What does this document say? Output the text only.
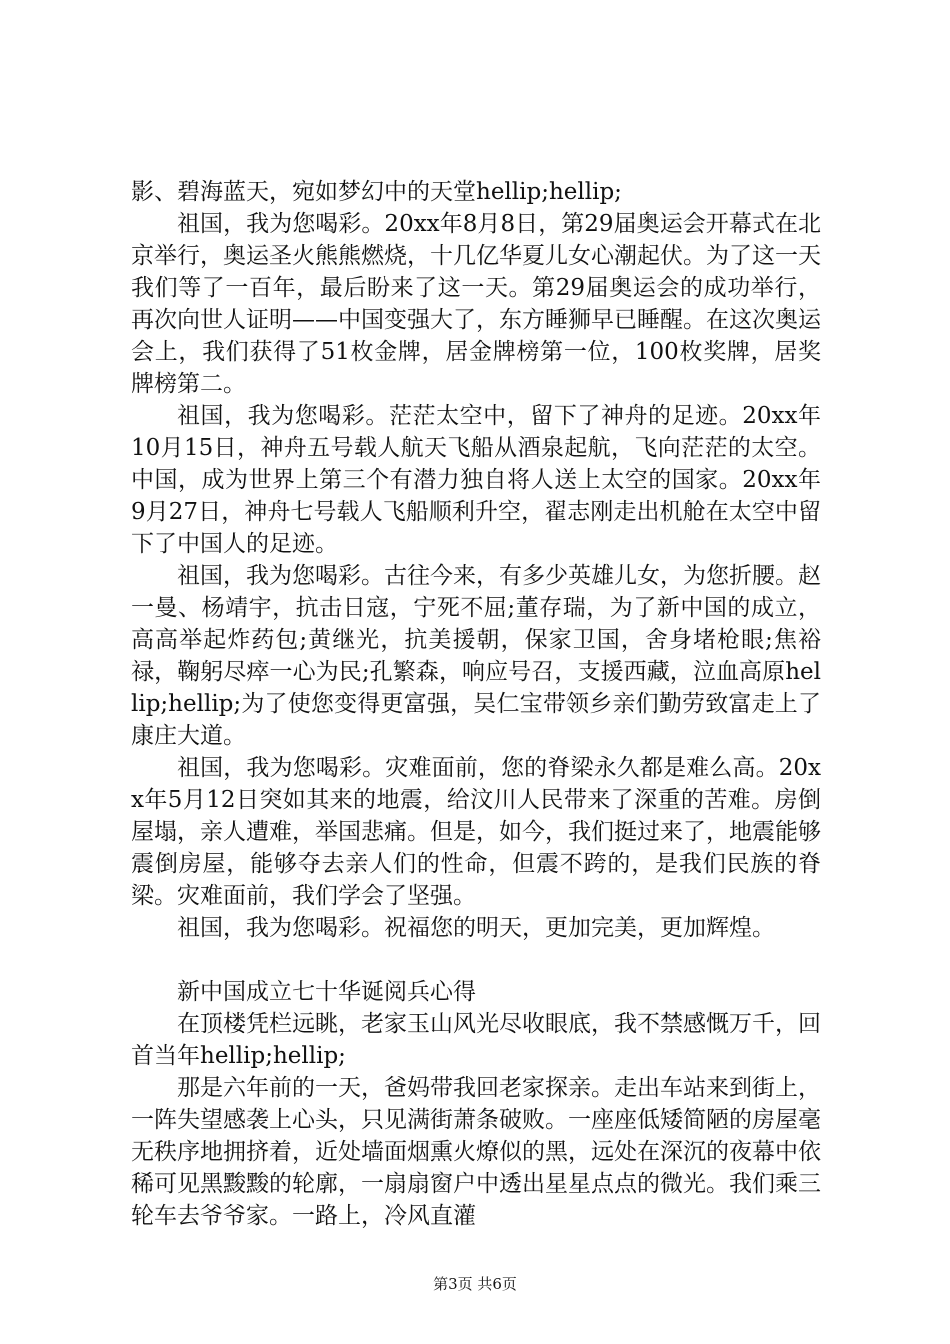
影、碧海蓝天，宛如梦幻中的天堂hellip;hellip;

祖国，我为您喝彩。20xx年8月8日，第29届奥运会开幕式在北京举行，奥运圣火熊熊燃烧，十几亿华夏儿女心潮起伏。为了这一天我们等了一百年，最后盼来了这一天。第29届奥运会的成功举行，再次向世人证明——中国变强大了，东方睡狮早已睡醒。在这次奥运会上，我们获得了51枚金牌，居金牌榜第一位，100枚奖牌，居奖牌榜第二。

祖国，我为您喝彩。茫茫太空中，留下了神舟的足迹。20xx年10月15日，神舟五号载人航天飞船从酒泉起航，飞向茫茫的太空。中国，成为世界上第三个有潜力独自将人送上太空的国家。20xx年9月27日，神舟七号载人飞船顺利升空，翟志刚走出机舱在太空中留下了中国人的足迹。

祖国，我为您喝彩。古往今来，有多少英雄儿女，为您折腰。赵一曼、杨靖宇，抗击日寇，宁死不屈;董存瑞，为了新中国的成立，高高举起炸药包;黄继光，抗美援朝，保家卫国，舍身堵枪眼;焦裕禄，鞠躬尽瘁一心为民;孔繁森，响应号召，支援西藏，泣血高原hellip;hellip;为了使您变得更富强，吴仁宝带领乡亲们勤劳致富走上了康庄大道。

祖国，我为您喝彩。灾难面前，您的脊梁永久都是难么高。20xx年5月12日突如其来的地震，给汶川人民带来了深重的苦难。房倒屋塌，亲人遭难，举国悲痛。但是，如今，我们挺过来了，地震能够震倒房屋，能够夺去亲人们的性命，但震不跨的，是我们民族的脊梁。灾难面前，我们学会了坚强。

祖国，我为您喝彩。祝福您的明天，更加完美，更加辉煌。

新中国成立七十华诞阅兵心得

在顶楼凭栏远眺，老家玉山风光尽收眼底，我不禁感慨万千，回首当年hellip;hellip;

那是六年前的一天，爸妈带我回老家探亲。走出车站来到街上，一阵失望感袭上心头，只见满街萧条破败。一座座低矮简陋的房屋毫无秩序地拥挤着，近处墙面烟熏火燎似的黑，远处在深沉的夜幕中依稀可见黑黢黢的轮廓，一扇扇窗户中透出星星点点的微光。我们乘三轮车去爷爷家。一路上，冷风直灌

第3页 共6页
